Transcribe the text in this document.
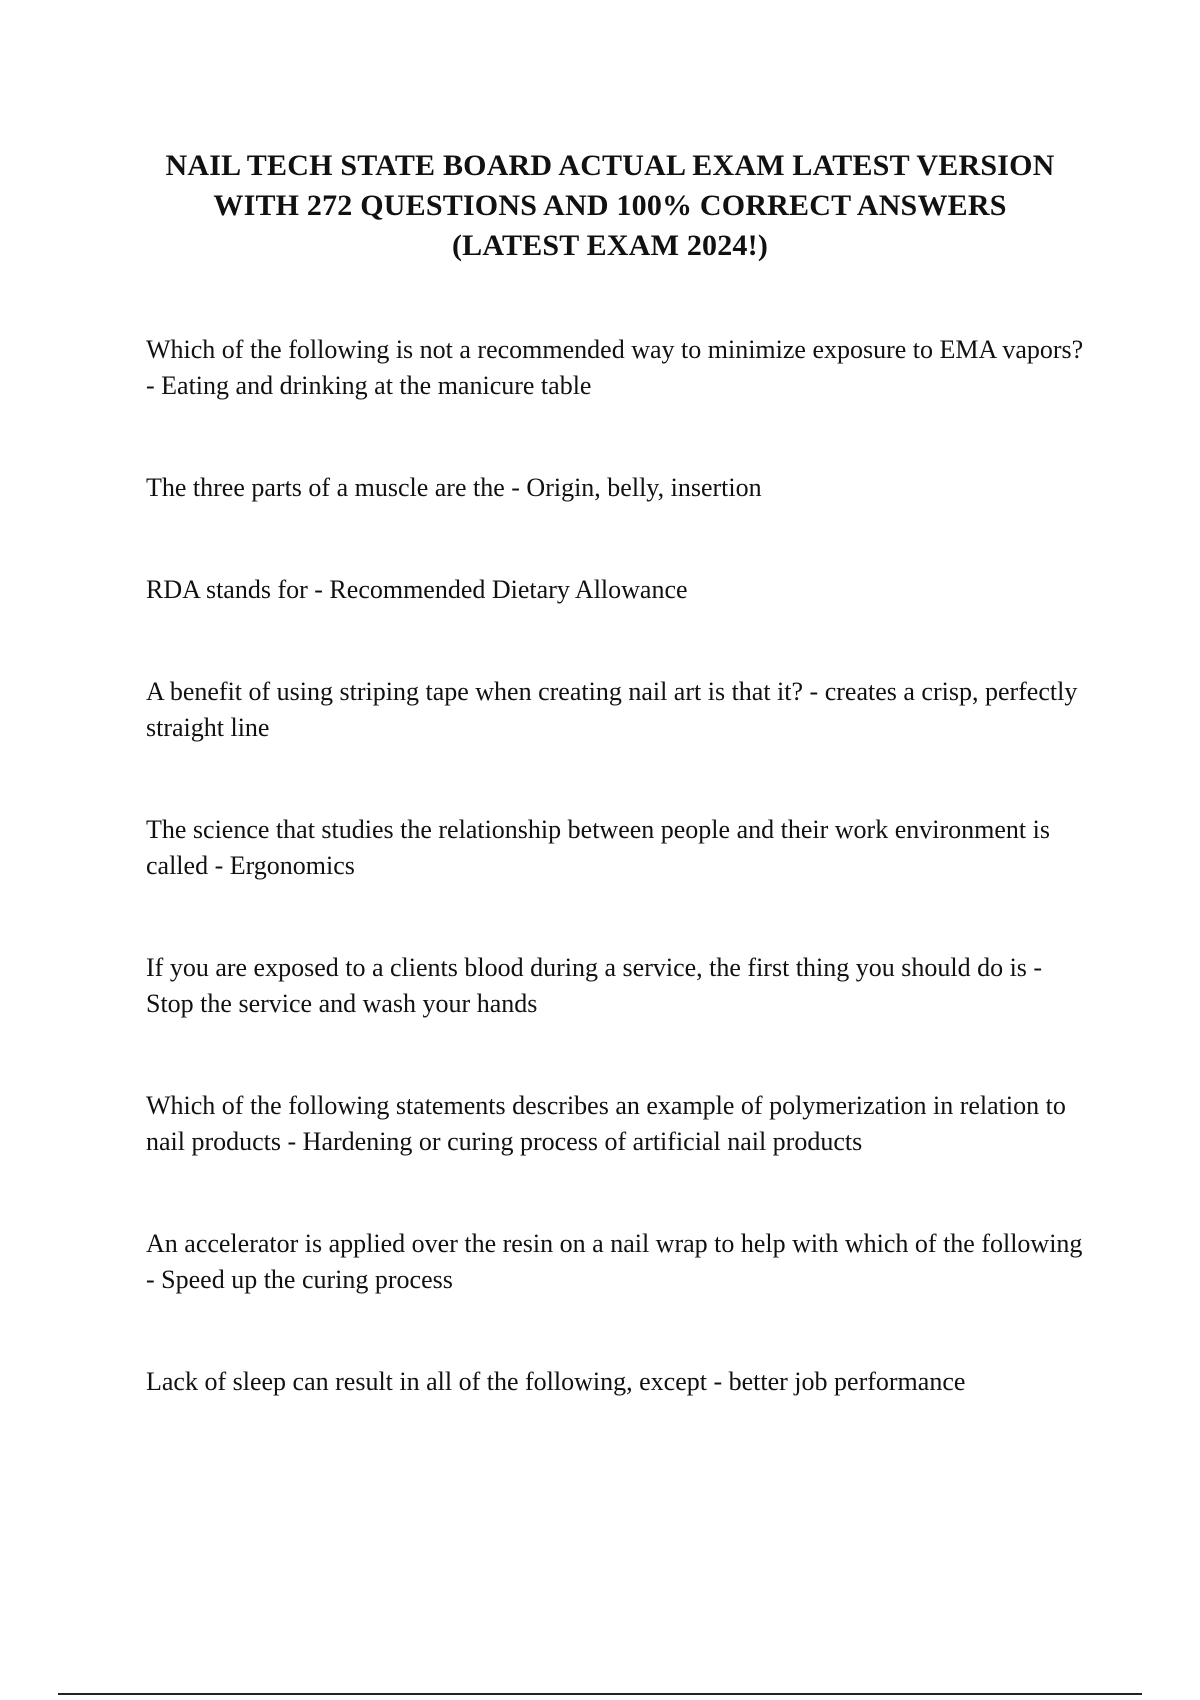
NAIL TECH STATE BOARD ACTUAL EXAM LATEST VERSION WITH 272 QUESTIONS AND 100% CORRECT ANSWERS (LATEST EXAM 2024!)
Which of the following is not a recommended way to minimize exposure to EMA vapors? - Eating and drinking at the manicure table
The three parts of a muscle are the - Origin, belly, insertion
RDA stands for - Recommended Dietary Allowance
A benefit of using striping tape when creating nail art is that it? - creates a crisp, perfectly straight line
The science that studies the relationship between people and their work environment is called - Ergonomics
If you are exposed to a clients blood during a service, the first thing you should do is - Stop the service and wash your hands
Which of the following statements describes an example of polymerization in relation to nail products - Hardening or curing process of artificial nail products
An accelerator is applied over the resin on a nail wrap to help with which of the following - Speed up the curing process
Lack of sleep can result in all of the following, except - better job performance
